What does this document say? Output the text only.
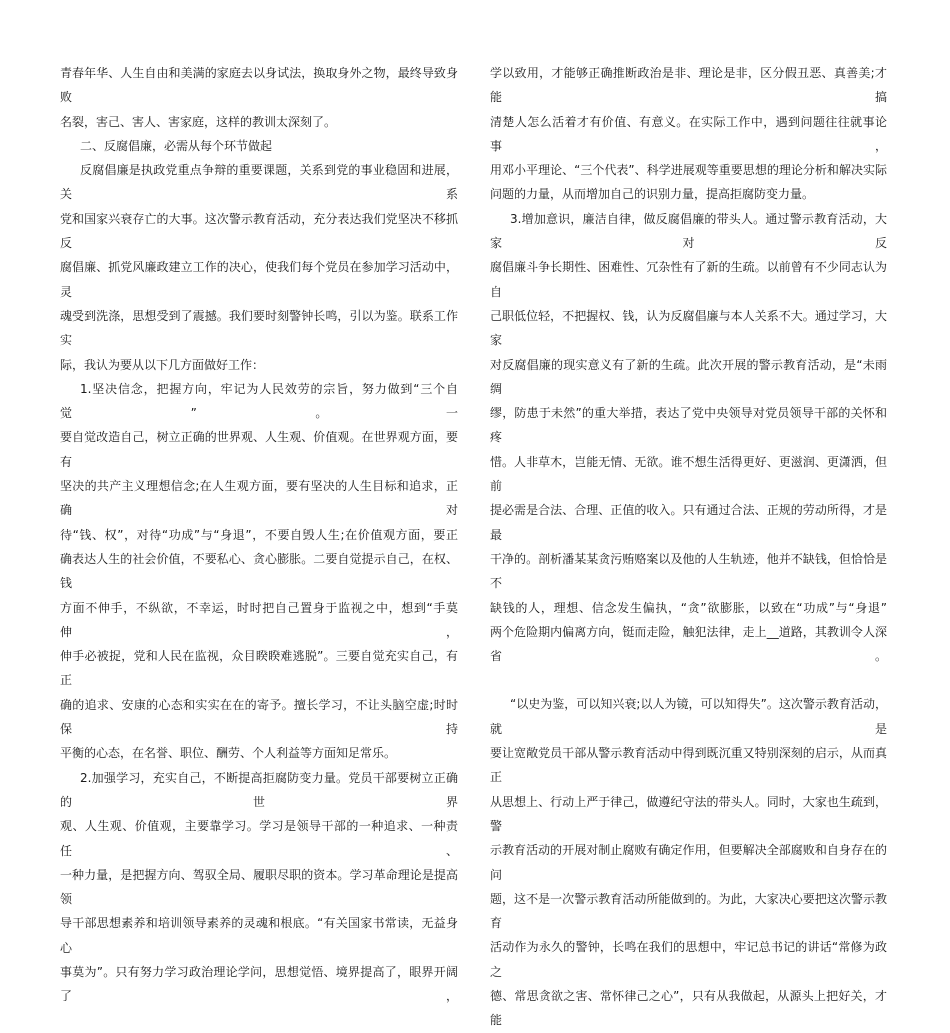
青春年华、人生自由和美满的家庭去以身试法，换取身外之物，最终导致身败

名裂，害己、害人、害家庭，这样的教训太深刻了。

二、反腐倡廉，必需从每个环节做起

反腐倡廉是执政党重点争辩的重要课题，关系到党的事业稳固和进展，关系

党和国家兴衰存亡的大事。这次警示教育活动，充分表达我们党坚决不移抓反

腐倡廉、抓党风廉政建立工作的决心，使我们每个党员在参加学习活动中，灵

魂受到洗涤，思想受到了震撼。我们要时刻警钟长鸣，引以为鉴。联系工作实

际，我认为要从以下几方面做好工作：

1.坚决信念，把握方向，牢记为人民效劳的宗旨，努力做到“三个自觉”。一

要自觉改造自己，树立正确的世界观、人生观、价值观。在世界观方面，要有

坚决的共产主义理想信念;在人生观方面，要有坚决的人生目标和追求，正确对

待“钱、权”，对待“功成”与“身退”，不要自毁人生;在价值观方面，要正

确表达人生的社会价值，不要私心、贪心膨胀。二要自觉提示自己，在权、钱

方面不伸手，不纵欲，不幸运，时时把自己置身于监视之中，想到“手莫伸，

伸手必被捉，党和人民在监视，众目睽睽难逃脱”。三要自觉充实自己，有正

确的追求、安康的心态和实实在在的寄予。擅长学习，不让头脑空虚;时时保持

平衡的心态，在名誉、职位、酬劳、个人利益等方面知足常乐。

2.加强学习，充实自己，不断提高拒腐防变力量。党员干部要树立正确的世界

观、人生观、价值观，主要靠学习。学习是领导干部的一种追求、一种责任、

一种力量，是把握方向、驾驭全局、履职尽职的资本。学习革命理论是提高领

导干部思想素养和培训领导素养的灵魂和根底。“有关国家书常读，无益身心

事莫为”。只有努力学习政治理论学问，思想觉悟、境界提高了，眼界开阔了，

学以致用，才能够正确推断政治是非、理论是非，区分假丑恶、真善美;才能搞

清楚人怎么活着才有价值、有意义。在实际工作中，遇到问题往往就事论事，

用邓小平理论、“三个代表”、科学进展观等重要思想的理论分析和解决实际

问题的力量，从而增加自己的识别力量，提高拒腐防变力量。

3.增加意识，廉洁自律，做反腐倡廉的带头人。通过警示教育活动，大家对反

腐倡廉斗争长期性、困难性、冗杂性有了新的生疏。以前曾有不少同志认为自

己职低位轻，不把握权、钱，认为反腐倡廉与本人关系不大。通过学习，大家

对反腐倡廉的现实意义有了新的生疏。此次开展的警示教育活动，是“未雨绸

缪，防患于未然”的重大举措，表达了党中央领导对党员领导干部的关怀和疼

惜。人非草木，岂能无情、无欲。谁不想生活得更好、更滋润、更潇洒，但前

提必需是合法、合理、正值的收入。只有通过合法、正规的劳动所得，才是最

干净的。剖析潘某某贪污贿赂案以及他的人生轨迹，他并不缺钱，但恰恰是不

缺钱的人，理想、信念发生偏执，“贪”欲膨胀，以致在“功成”与“身退”

两个危险期内偏离方向，铤而走险，触犯法律，走上__道路，其教训令人深省。

“以史为鉴，可以知兴衰;以人为镜，可以知得失”。这次警示教育活动，就是

要让宽敞党员干部从警示教育活动中得到既沉重又特别深刻的启示，从而真正

从思想上、行动上严于律己，做遵纪守法的带头人。同时，大家也生疏到，警

示教育活动的开展对制止腐败有确定作用，但要解决全部腐败和自身存在的问

题，这不是一次警示教育活动所能做到的。为此，大家决心要把这次警示教育

活动作为永久的警钟，长鸣在我们的思想中，牢记总书记的讲话“常修为政之

德、常思贪欲之害、常怀律己之心”，只有从我做起，从源头上把好关，才能
